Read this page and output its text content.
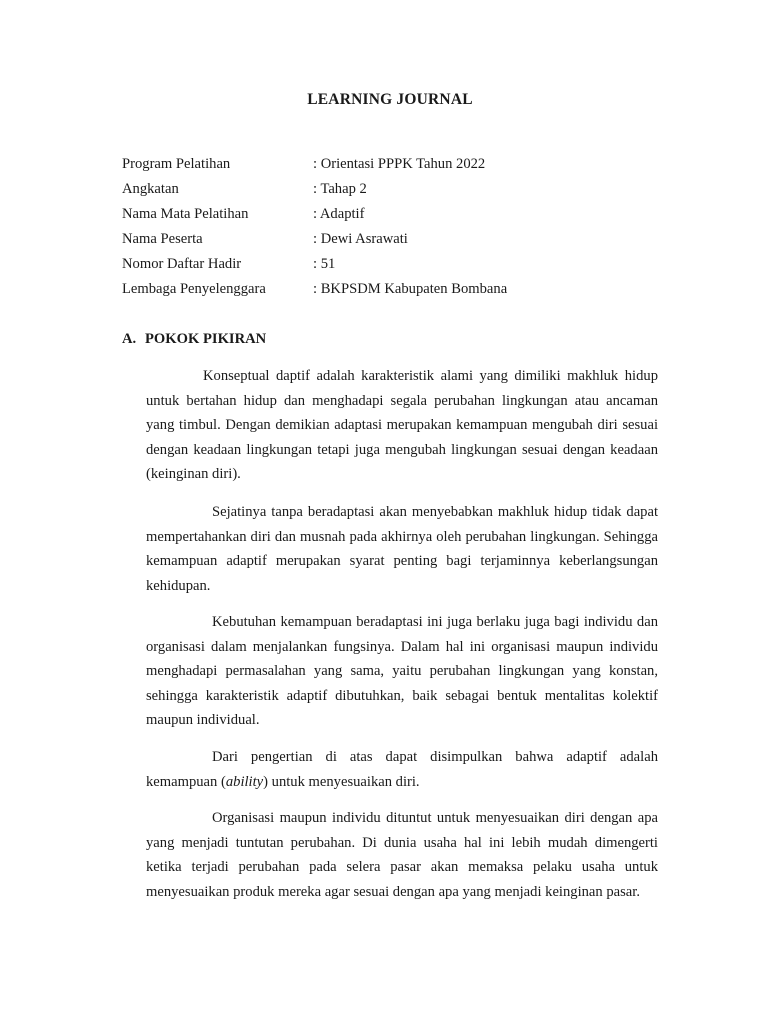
LEARNING JOURNAL
Program Pelatihan	: Orientasi PPPK Tahun 2022
Angkatan	: Tahap 2
Nama Mata Pelatihan	: Adaptif
Nama Peserta	: Dewi Asrawati
Nomor Daftar Hadir	: 51
Lembaga Penyelenggara	: BKPSDM Kabupaten Bombana
A. POKOK PIKIRAN

Konseptual daptif adalah karakteristik alami yang dimiliki makhluk hidup untuk bertahan hidup dan menghadapi segala perubahan lingkungan atau ancaman yang timbul. Dengan demikian adaptasi merupakan kemampuan mengubah diri sesuai dengan keadaan lingkungan tetapi juga mengubah lingkungan sesuai dengan keadaan (keinginan diri).

Sejatinya tanpa beradaptasi akan menyebabkan makhluk hidup tidak dapat mempertahankan diri dan musnah pada akhirnya oleh perubahan lingkungan. Sehingga kemampuan adaptif merupakan syarat penting bagi terjaminnya keberlangsungan kehidupan.

Kebutuhan kemampuan beradaptasi ini juga berlaku juga bagi individu dan organisasi dalam menjalankan fungsinya. Dalam hal ini organisasi maupun individu menghadapi permasalahan yang sama, yaitu perubahan lingkungan yang konstan, sehingga karakteristik adaptif dibutuhkan, baik sebagai bentuk mentalitas kolektif maupun individual.

Dari pengertian di atas dapat disimpulkan bahwa adaptif adalah kemampuan (ability) untuk menyesuaikan diri.

Organisasi maupun individu dituntut untuk menyesuaikan diri dengan apa yang menjadi tuntutan perubahan. Di dunia usaha hal ini lebih mudah dimengerti ketika terjadi perubahan pada selera pasar akan memaksa pelaku usaha untuk menyesuaikan produk mereka agar sesuai dengan apa yang menjadi keinginan pasar.
